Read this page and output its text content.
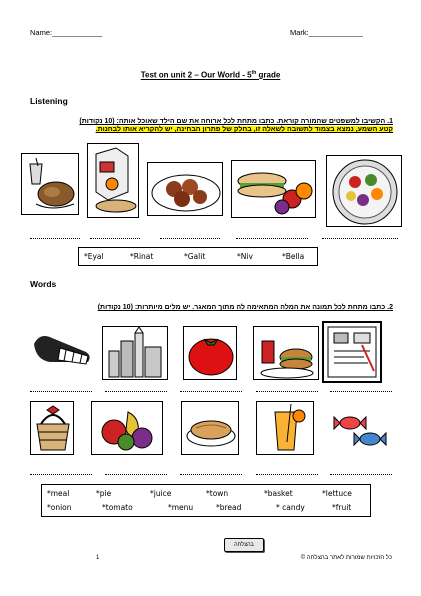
Name:____________	Mark:_____________
Test on unit 2 – Our World - 5th grade
Listening
1. הקשיבו למשפטים שהמורה קוראת. כתבו מתחת לכל ארוחה את שם הילד שאוכל אותה: (10 נקודות)
קטע השמע, נמצא בצמוד לתשובה לשאלה זו, בחלק של פתרון הבחינה, יש להקריא אותו לבחנות.
*Eyal	*Rinat	*Galit	*Niv	*Bella
Words
2. כתבו מתחת לכל תמונה את המלה המתאימה לה מתוך המאגר. יש מלים מיותרות: (10 נקודות)
*meal	*pie	*juice	*town	*basket	*lettuce
*onion	*tomato	*menu	*bread	* candy	*fruit
1
בהצלחה
כל הזכויות שמורות לאתר בהצלחה ©
